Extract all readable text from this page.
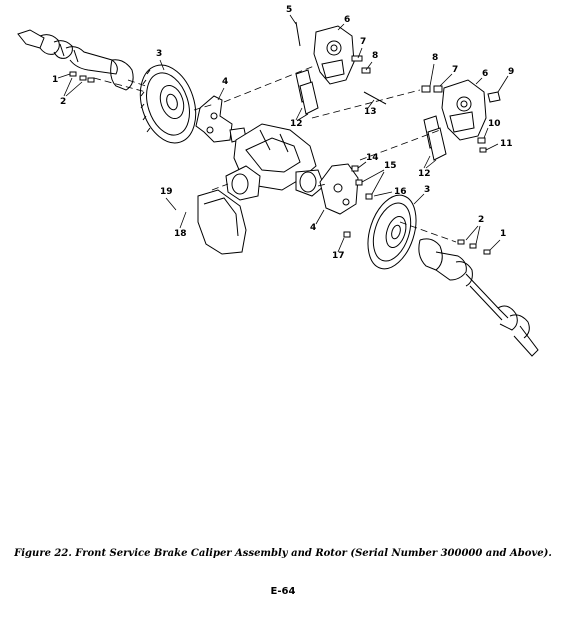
1
2
3
4
5
6
7
8
12
13
8
7	6 9
10
11
12
14
15
16 3
19
18
4
17
2
1
Figure 22. Front Service Brake Caliper Assembly and Rotor (Serial Number 300000 and Above).
E-64
